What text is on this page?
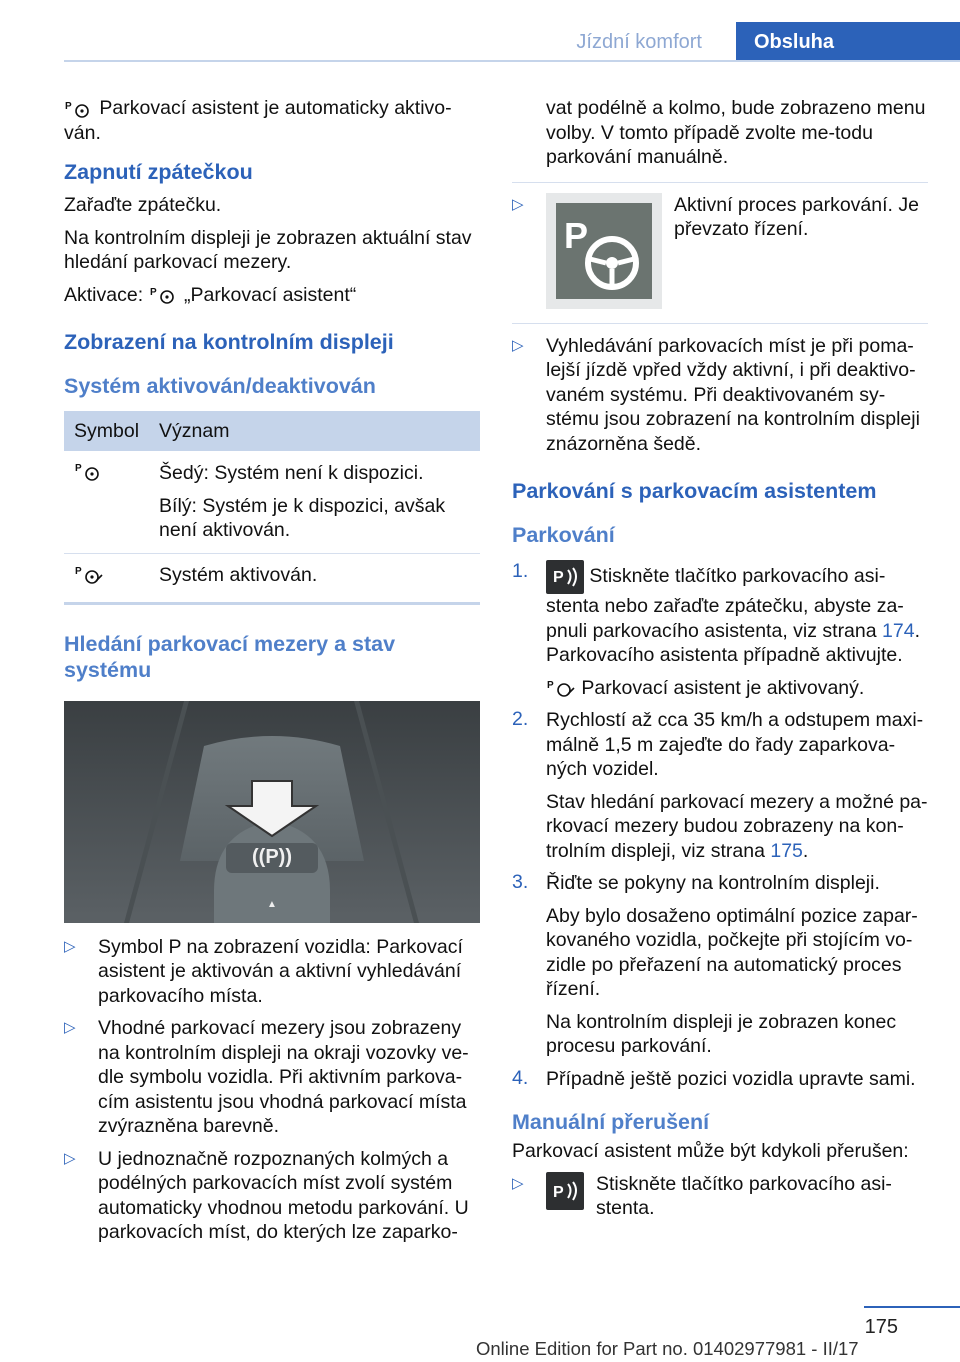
Jízdní komfort	Obsluha

P Parkovací asistent je automaticky aktivo‐ván.

Zapnutí zpátečkou

Zařaďte zpátečku.

Na kontrolním displeji je zobrazen aktuální stav hledání parkovací mezery.

Aktivace: P „Parkovací asistent“

Zobrazení na kontrolním displeji
Systém aktivován/deaktivován
Symbol	Význam

P	Šedý: Systém není k dispozici.

Bílý: Systém je k dispozici, avšak není aktivován.

P	Systém aktivován.
Hledání parkovací mezery a stav systému
((P))
▲
▷	Symbol P na zobrazení vozidla: Parkovací asistent je aktivován a aktivní vyhledávání parkovacího místa.

▷	Vhodné parkovací mezery jsou zobrazeny na kontrolním displeji na okraji vozovky ve‐dle symbolu vozidla. Při aktivním parkova‐cím asistentu jsou vhodná parkovací místa zvýrazněna barevně.

▷	U jednoznačně rozpoznaných kolmých a podélných parkovacích míst zvolí systém automaticky vhodnou metodu parkování. U parkovacích míst, do kterých lze zaparko‐

vat podélně a kolmo, bude zobrazeno menu volby. V tomto případě zvolte me‐todu parkování manuálně.

▷
P

Aktivní proces parkování. Je převzato řízení.

▷	Vyhledávání parkovacích míst je při poma‐lejší jízdě vpřed vždy aktivní, i při deaktivo‐vaném systému. Při deaktivovaném sy‐stému jsou zobrazení na kontrolním displeji znázorněna šedě.

Parkování s parkovacím asistentem
Parkování
1.	P Stiskněte tlačítko parkovacího asi‐stenta nebo zařaďte zpátečku, abyste za‐pnuli parkovacího asistenta, viz strana 174. Parkovacího asistenta případně aktivujte.

P Parkovací asistent je aktivovaný.

2. Rychlostí až cca 35 km/h a odstupem maxi‐málně 1,5 m zajeďte do řady zaparkova‐ných vozidel.

Stav hledání parkovací mezery a možné pa‐rkovací mezery budou zobrazeny na kon‐trolním displeji, viz strana 175.

3. Řiďte se pokyny na kontrolním displeji.

Aby bylo dosaženo optimální pozice zapar‐kovaného vozidla, počkejte při stojícím vo‐zidle po přeřazení na automatický proces řízení.

Na kontrolním displeji je zobrazen konec procesu parkování.

4. Případně ještě pozici vozidla upravte sami.

Manuální přerušení

Parkovací asistent může být kdykoli přerušen:

▷
P Stiskněte tlačítko parkovacího asi‐stenta.

175
Online Edition for Part no. 01402977981 - II/17
